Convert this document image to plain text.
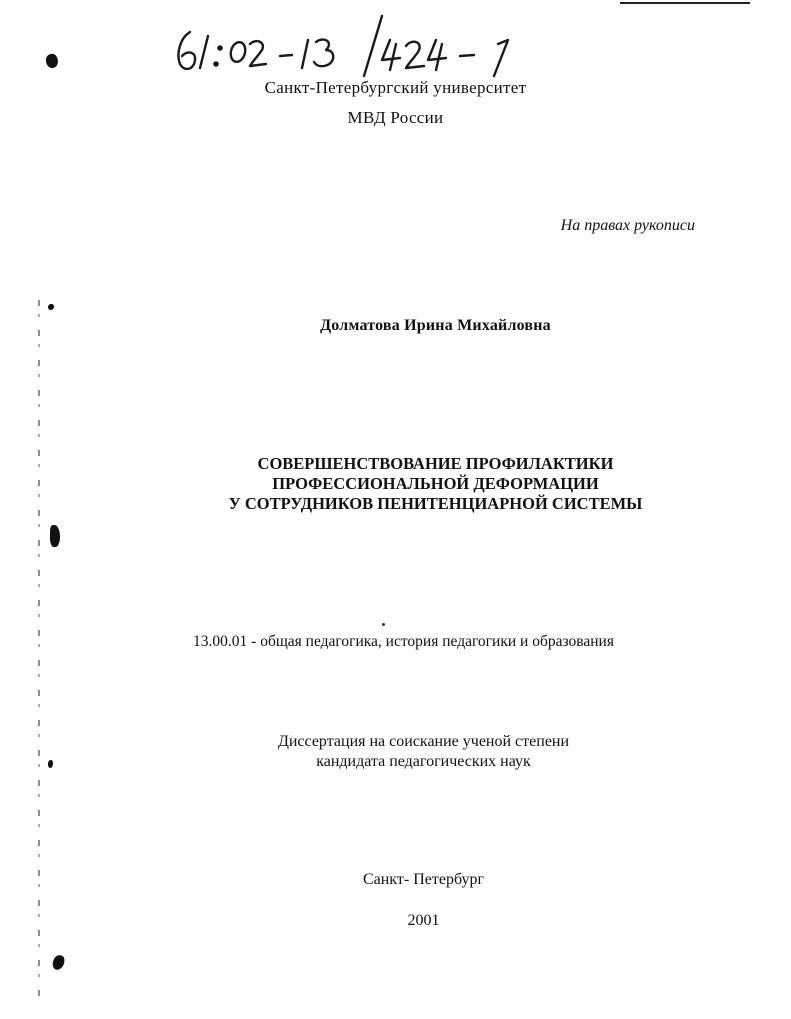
Санкт-Петербургский университет
МВД России
На правах рукописи
Долматова Ирина Михайловна
СОВЕРШЕНСТВОВАНИЕ ПРОФИЛАКТИКИ
ПРОФЕССИОНАЛЬНОЙ ДЕФОРМАЦИИ
У СОТРУДНИКОВ ПЕНИТЕНЦИАРНОЙ СИСТЕМЫ
13.00.01 - общая педагогика, история педагогики и образования
Диссертация на соискание ученой степени
кандидата педагогических наук
Санкт- Петербург
2001
